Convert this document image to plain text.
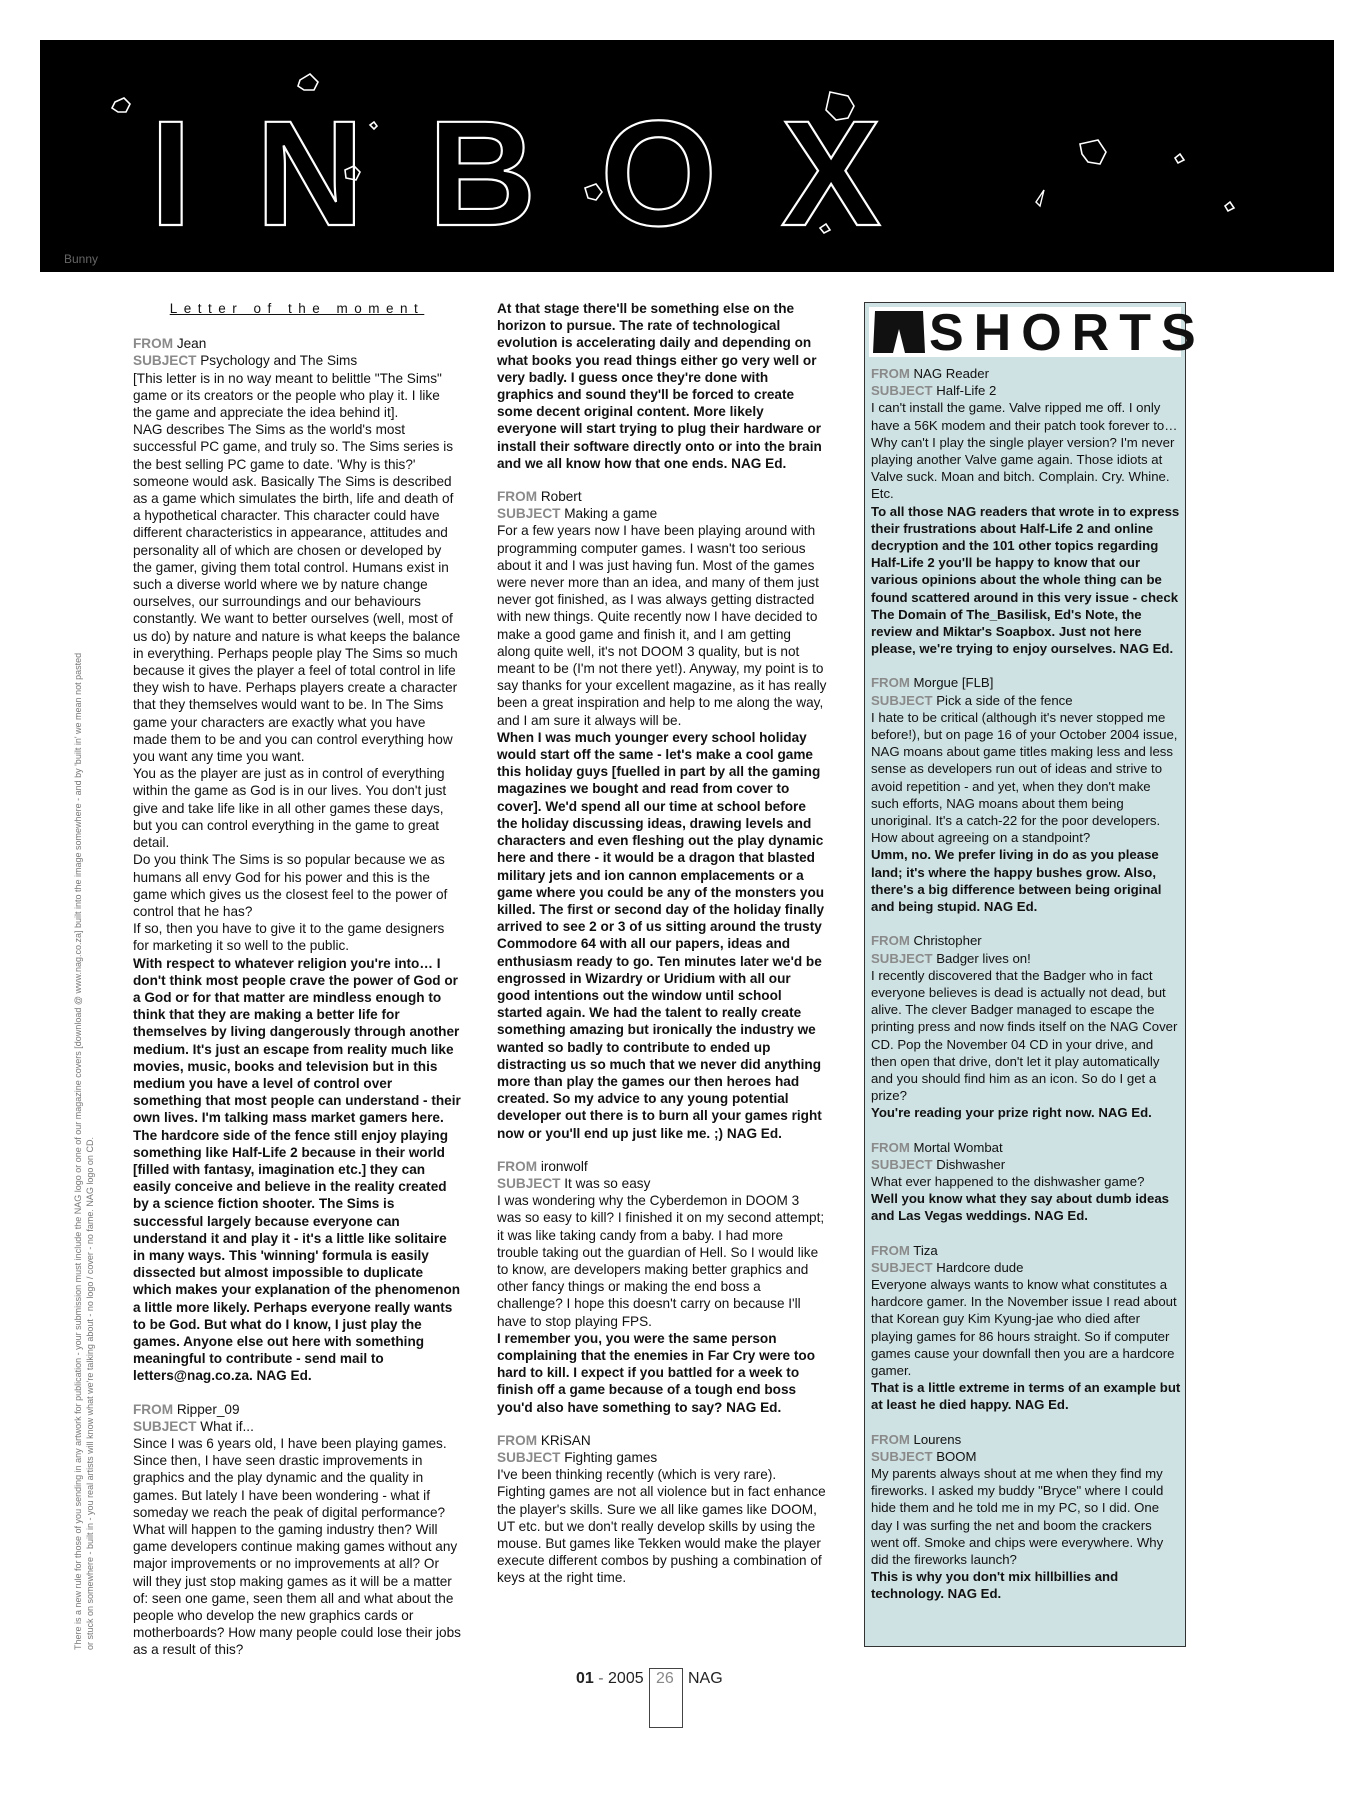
INBOX
Bunny
Letter of the moment

FROM Jean

SUBJECT Psychology and The Sims

[This letter is in no way meant to belittle "The Sims" game or its creators or the people who play it. I like the game and appreciate the idea behind it].

NAG describes The Sims as the world's most successful PC game, and truly so. The Sims series is the best selling PC game to date. 'Why is this?' someone would ask. Basically The Sims is described as a game which simulates the birth, life and death of a hypothetical character. This character could have different characteristics in appearance, attitudes and personality all of which are chosen or developed by the gamer, giving them total control. Humans exist in such a diverse world where we by nature change ourselves, our surroundings and our behaviours constantly. We want to better ourselves (well, most of us do) by nature and nature is what keeps the balance in everything. Perhaps people play The Sims so much because it gives the player a feel of total control in life they wish to have. Perhaps players create a character that they themselves would want to be. In The Sims game your characters are exactly what you have made them to be and you can control everything how you want any time you want.

You as the player are just as in control of everything within the game as God is in our lives. You don't just give and take life like in all other games these days, but you can control everything in the game to great detail.

Do you think The Sims is so popular because we as humans all envy God for his power and this is the game which gives us the closest feel to the power of control that he has?

If so, then you have to give it to the game designers for marketing it so well to the public.

With respect to whatever religion you're into… I don't think most people crave the power of God or a God or for that matter are mindless enough to think that they are making a better life for themselves by living dangerously through another medium. It's just an escape from reality much like movies, music, books and television but in this medium you have a level of control over something that most people can understand - their own lives. I'm talking mass market gamers here. The hardcore side of the fence still enjoy playing something like Half-Life 2 because in their world [filled with fantasy, imagination etc.] they can easily conceive and believe in the reality created by a science fiction shooter. The Sims is successful largely because everyone can understand it and play it - it's a little like solitaire in many ways. This 'winning' formula is easily dissected but almost impossible to duplicate which makes your explanation of the phenomenon a little more likely. Perhaps everyone really wants to be God. But what do I know, I just play the games. Anyone else out here with something meaningful to contribute - send mail to letters@nag.co.za. NAG Ed.

FROM Ripper_09

SUBJECT What if...

Since I was 6 years old, I have been playing games. Since then, I have seen drastic improvements in graphics and the play dynamic and the quality in games. But lately I have been wondering - what if someday we reach the peak of digital performance? What will happen to the gaming industry then? Will game developers continue making games without any major improvements or no improvements at all? Or will they just stop making games as it will be a matter of: seen one game, seen them all and what about the people who develop the new graphics cards or motherboards? How many people could lose their jobs as a result of this?

At that stage there'll be something else on the horizon to pursue. The rate of technological evolution is accelerating daily and depending on what books you read things either go very well or very badly. I guess once they're done with graphics and sound they'll be forced to create some decent original content. More likely everyone will start trying to plug their hardware or install their software directly onto or into the brain and we all know how that one ends. NAG Ed.

FROM Robert

SUBJECT Making a game

For a few years now I have been playing around with programming computer games. I wasn't too serious about it and I was just having fun. Most of the games were never more than an idea, and many of them just never got finished, as I was always getting distracted with new things. Quite recently now I have decided to make a good game and finish it, and I am getting along quite well, it's not DOOM 3 quality, but is not meant to be (I'm not there yet!). Anyway, my point is to say thanks for your excellent magazine, as it has really been a great inspiration and help to me along the way, and I am sure it always will be.

When I was much younger every school holiday would start off the same - let's make a cool game this holiday guys [fuelled in part by all the gaming magazines we bought and read from cover to cover]. We'd spend all our time at school before the holiday discussing ideas, drawing levels and characters and even fleshing out the play dynamic here and there - it would be a dragon that blasted military jets and ion cannon emplacements or a game where you could be any of the monsters you killed. The first or second day of the holiday finally arrived to see 2 or 3 of us sitting around the trusty Commodore 64 with all our papers, ideas and enthusiasm ready to go. Ten minutes later we'd be engrossed in Wizardry or Uridium with all our good intentions out the window until school started again. We had the talent to really create something amazing but ironically the industry we wanted so badly to contribute to ended up distracting us so much that we never did anything more than play the games our then heroes had created. So my advice to any young potential developer out there is to burn all your games right now or you'll end up just like me. ;) NAG Ed.

FROM ironwolf

SUBJECT It was so easy

I was wondering why the Cyberdemon in DOOM 3 was so easy to kill? I finished it on my second attempt; it was like taking candy from a baby. I had more trouble taking out the guardian of Hell. So I would like to know, are developers making better graphics and other fancy things or making the end boss a challenge? I hope this doesn't carry on because I'll have to stop playing FPS.

I remember you, you were the same person complaining that the enemies in Far Cry were too hard to kill. I expect if you battled for a week to finish off a game because of a tough end boss you'd also have something to say? NAG Ed.

FROM KRiSAN

SUBJECT Fighting games

I've been thinking recently (which is very rare). Fighting games are not all violence but in fact enhance the player's skills. Sure we all like games like DOOM, UT etc. but we don't really develop skills by using the mouse. But games like Tekken would make the player execute different combos by pushing a combination of keys at the right time.

SHORTS

FROM NAG Reader

SUBJECT Half-Life 2

I can't install the game. Valve ripped me off. I only have a 56K modem and their patch took forever to… Why can't I play the single player version? I'm never playing another Valve game again. Those idiots at Valve suck. Moan and bitch. Complain. Cry. Whine. Etc.

To all those NAG readers that wrote in to express their frustrations about Half-Life 2 and online decryption and the 101 other topics regarding Half-Life 2 you'll be happy to know that our various opinions about the whole thing can be found scattered around in this very issue - check The Domain of The_Basilisk, Ed's Note, the review and Miktar's Soapbox. Just not here please, we're trying to enjoy ourselves. NAG Ed.

FROM Morgue [FLB]

SUBJECT Pick a side of the fence

I hate to be critical (although it's never stopped me before!), but on page 16 of your October 2004 issue, NAG moans about game titles making less and less sense as developers run out of ideas and strive to avoid repetition - and yet, when they don't make such efforts, NAG moans about them being unoriginal. It's a catch-22 for the poor developers. How about agreeing on a standpoint?

Umm, no. We prefer living in do as you please land; it's where the happy bushes grow. Also, there's a big difference between being original and being stupid. NAG Ed.

FROM Christopher

SUBJECT Badger lives on!

I recently discovered that the Badger who in fact everyone believes is dead is actually not dead, but alive. The clever Badger managed to escape the printing press and now finds itself on the NAG Cover CD. Pop the November 04 CD in your drive, and then open that drive, don't let it play automatically and you should find him as an icon. So do I get a prize?

You're reading your prize right now. NAG Ed.

FROM Mortal Wombat

SUBJECT Dishwasher

What ever happened to the dishwasher game?

Well you know what they say about dumb ideas and Las Vegas weddings. NAG Ed.

FROM Tiza

SUBJECT Hardcore dude

Everyone always wants to know what constitutes a hardcore gamer. In the November issue I read about that Korean guy Kim Kyung-jae who died after playing games for 86 hours straight. So if computer games cause your downfall then you are a hardcore gamer.

That is a little extreme in terms of an example but at least he died happy. NAG Ed.

FROM Lourens

SUBJECT BOOM

My parents always shout at me when they find my fireworks. I asked my buddy "Bryce" where I could hide them and he told me in my PC, so I did. One day I was surfing the net and boom the crackers went off. Smoke and chips were everywhere. Why did the fireworks launch?

This is why you don't mix hillbillies and technology. NAG Ed.

There is a new rule for those of you sending in any artwork for publication - your submission must include the NAG logo or one of our magazine covers [download @ www.nag.co.za] built into the image somewhere - and by 'built in' we mean not pasted or stuck on somewhere - built in - you real artists will know what we're talking about - no logo / cover - no fame. NAG logo on CD.
01 - 2005 26 NAG
